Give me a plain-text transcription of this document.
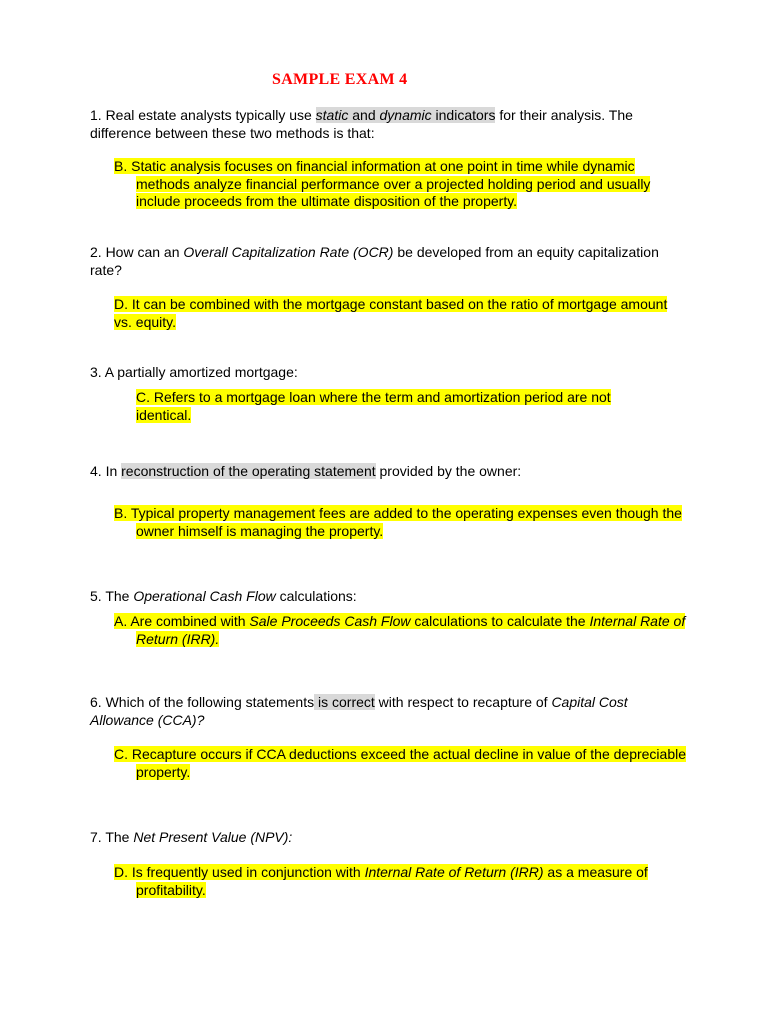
SAMPLE EXAM 4

1. Real estate analysts typically use static and dynamic indicators for their analysis. The difference between these two methods is that:

B. Static analysis focuses on financial information at one point in time while dynamic
methods analyze financial performance over a projected holding period and usually
include proceeds from the ultimate disposition of the property.

2. How can an Overall Capitalization Rate (OCR) be developed from an equity capitalization rate?

D. It can be combined with the mortgage constant based on the ratio of mortgage amount
vs. equity.

3. A partially amortized mortgage:

C. Refers to a mortgage loan where the term and amortization period are not
identical.

4. In reconstruction of the operating statement provided by the owner:

B. Typical property management fees are added to the operating expenses even though the
owner himself is managing the property.

5. The Operational Cash Flow calculations:

A. Are combined with Sale Proceeds Cash Flow calculations to calculate the Internal Rate of
Return (IRR).

6. Which of the following statements is correct with respect to recapture of Capital Cost Allowance (CCA)?

C. Recapture occurs if CCA deductions exceed the actual decline in value of the depreciable
property.

7. The Net Present Value (NPV):

D. Is frequently used in conjunction with Internal Rate of Return (IRR) as a measure of
profitability.
